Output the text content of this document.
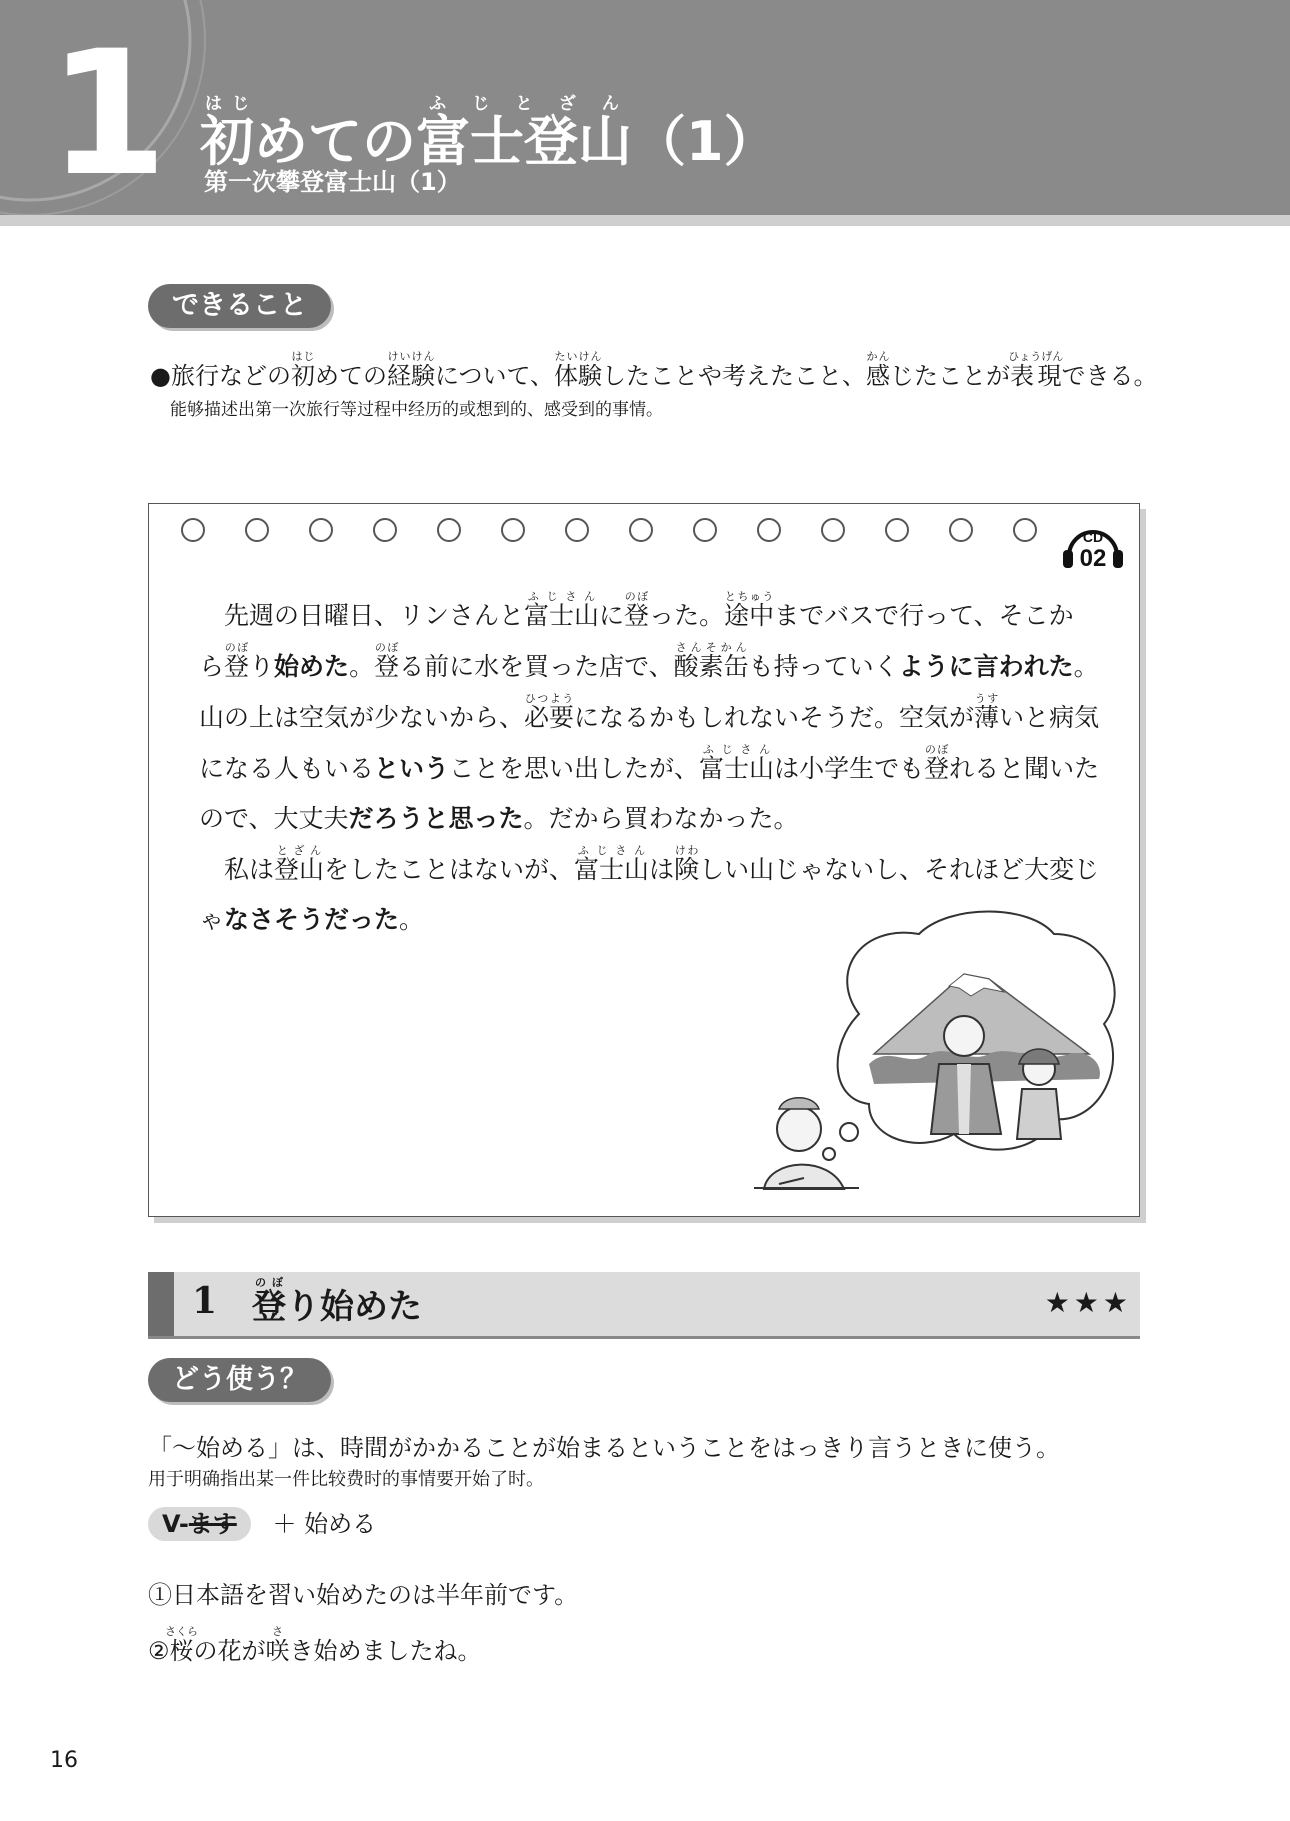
1 初はじめての富士登山ふじとざん（1）
第一次攀登富士山（1）
できること
●旅行などの初はじめての経験けいけんについて、体験たいけんしたことや考えたこと、感かんじたことが表現ひょうげんできる。
能够描述出第一次旅行等过程中经历的或想到的、感受到的事情。
CD
02

　先週の日曜日、リンさんと富士山ふじさんに登のぼった。途中とちゅうまでバスで行って、そこか

ら登のぼり始めた。登のぼる前に水を買った店で、酸素缶さんそかんも持っていくように言われた。

山の上は空気が少ないから、必要ひつようになるかもしれないそうだ。空気が薄うすいと病気

になる人もいるということを思い出したが、富士山ふじさんは小学生でも登のぼれると聞いた

ので、大丈夫だろうと思った。だから買わなかった。

　私は登山とざんをしたことはないが、富士山ふじさんは険けわしい山じゃないし、それほど大変じ

ゃなさそうだった。

1 登のぼり始めた	★★★
どう使う？
「～始める」は、時間がかかることが始まるということをはっきり言うときに使う。
用于明确指出某一件比较费时的事情要开始了时。
V-ます ＋ 始める
①日本語を習い始めたのは半年前です。
②桜さくらの花が咲さき始めましたね。
16
